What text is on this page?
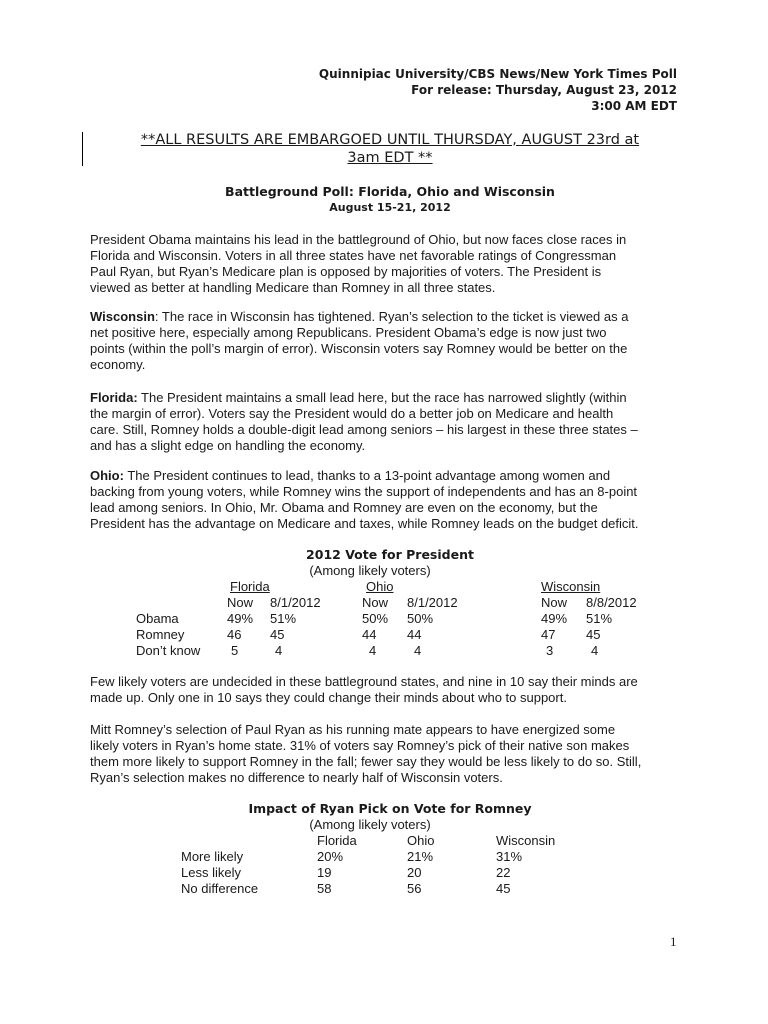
Quinnipiac University/CBS News/New York Times Poll
For release: Thursday, August 23, 2012
3:00 AM EDT
**ALL RESULTS ARE EMBARGOED UNTIL THURSDAY, AUGUST 23rd at
3am EDT **
Battleground Poll: Florida, Ohio and Wisconsin
August 15-21, 2012

President Obama maintains his lead in the battleground of Ohio, but now faces close races in
Florida and Wisconsin. Voters in all three states have net favorable ratings of Congressman
Paul Ryan, but Ryan’s Medicare plan is opposed by majorities of voters. The President is
viewed as better at handling Medicare than Romney in all three states.

Wisconsin: The race in Wisconsin has tightened. Ryan’s selection to the ticket is viewed as a
net positive here, especially among Republicans. President Obama’s edge is now just two
points (within the poll’s margin of error). Wisconsin voters say Romney would be better on the
economy.

Florida: The President maintains a small lead here, but the race has narrowed slightly (within
the margin of error). Voters say the President would do a better job on Medicare and health
care. Still, Romney holds a double-digit lead among seniors – his largest in these three states –
and has a slight edge on handling the economy.

Ohio: The President continues to lead, thanks to a 13-point advantage among women and
backing from young voters, while Romney wins the support of independents and has an 8-point
lead among seniors. In Ohio, Mr. Obama and Romney are even on the economy, but the
President has the advantage on Medicare and taxes, while Romney leads on the budget deficit.

2012 Vote for President
(Among likely voters)
Florida	Ohio	Wisconsin
Now 8/1/2012	Now 8/1/2012	Now 8/8/2012
Obama	49% 51%	50% 50%	49% 51%
Romney	46 45	44 44	47 45
Don’t know 5	4	4	4	3	4

Few likely voters are undecided in these battleground states, and nine in 10 say their minds are
made up. Only one in 10 says they could change their minds about who to support.

Mitt Romney’s selection of Paul Ryan as his running mate appears to have energized some
likely voters in Ryan’s home state. 31% of voters say Romney’s pick of their native son makes
them more likely to support Romney in the fall; fewer say they would be less likely to do so. Still,
Ryan’s selection makes no difference to nearly half of Wisconsin voters.

Impact of Ryan Pick on Vote for Romney
(Among likely voters)
Florida	Ohio	Wisconsin
More likely	20%	21%	31%
Less likely	19	20	22
No difference	58	56	45
1
